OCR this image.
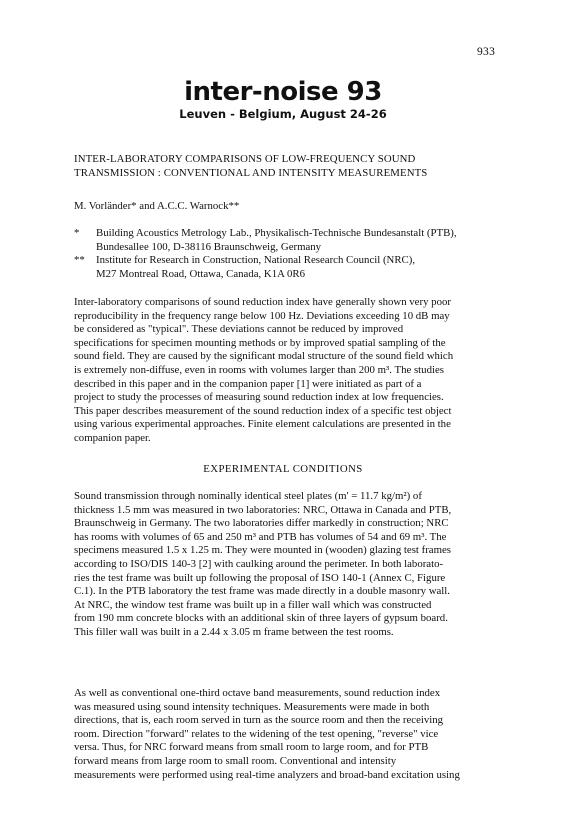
933
inter-noise 93
Leuven - Belgium, August 24-26
INTER-LABORATORY COMPARISONS OF LOW-FREQUENCY SOUND
TRANSMISSION : CONVENTIONAL AND INTENSITY MEASUREMENTS
M. Vorländer* and A.C.C. Warnock**
*	Building Acoustics Metrology Lab., Physikalisch-Technische Bundesanstalt (PTB),
Bundesallee 100, D-38116 Braunschweig, Germany
**	Institute for Research in Construction, National Research Council (NRC),
M27 Montreal Road, Ottawa, Canada, K1A 0R6
Inter-laboratory comparisons of sound reduction index have generally shown very poor
reproducibility in the frequency range below 100 Hz. Deviations exceeding 10 dB may
be considered as "typical". These deviations cannot be reduced by improved
specifications for specimen mounting methods or by improved spatial sampling of the
sound field. They are caused by the significant modal structure of the sound field which
is extremely non-diffuse, even in rooms with volumes larger than 200 m³. The studies
described in this paper and in the companion paper [1] were initiated as part of a
project to study the processes of measuring sound reduction index at low frequencies.
This paper describes measurement of the sound reduction index of a specific test object
using various experimental approaches. Finite element calculations are presented in the
companion paper.
EXPERIMENTAL CONDITIONS
Sound transmission through nominally identical steel plates (m' = 11.7 kg/m²) of
thickness 1.5 mm was measured in two laboratories: NRC, Ottawa in Canada and PTB,
Braunschweig in Germany. The two laboratories differ markedly in construction; NRC
has rooms with volumes of 65 and 250 m³ and PTB has volumes of 54 and 69 m³. The
specimens measured 1.5 x 1.25 m. They were mounted in (wooden) glazing test frames
according to ISO/DIS 140-3 [2] with caulking around the perimeter. In both laborato-
ries the test frame was built up following the proposal of ISO 140-1 (Annex C, Figure
C.1). In the PTB laboratory the test frame was made directly in a double masonry wall.
At NRC, the window test frame was built up in a filler wall which was constructed
from 190 mm concrete blocks with an additional skin of three layers of gypsum board.
This filler wall was built in a 2.44 x 3.05 m frame between the test rooms.
As well as conventional one-third octave band measurements, sound reduction index
was measured using sound intensity techniques. Measurements were made in both
directions, that is, each room served in turn as the source room and then the receiving
room. Direction "forward" relates to the widening of the test opening, "reverse" vice
versa. Thus, for NRC forward means from small room to large room, and for PTB
forward means from large room to small room. Conventional and intensity
measurements were performed using real-time analyzers and broad-band excitation using
